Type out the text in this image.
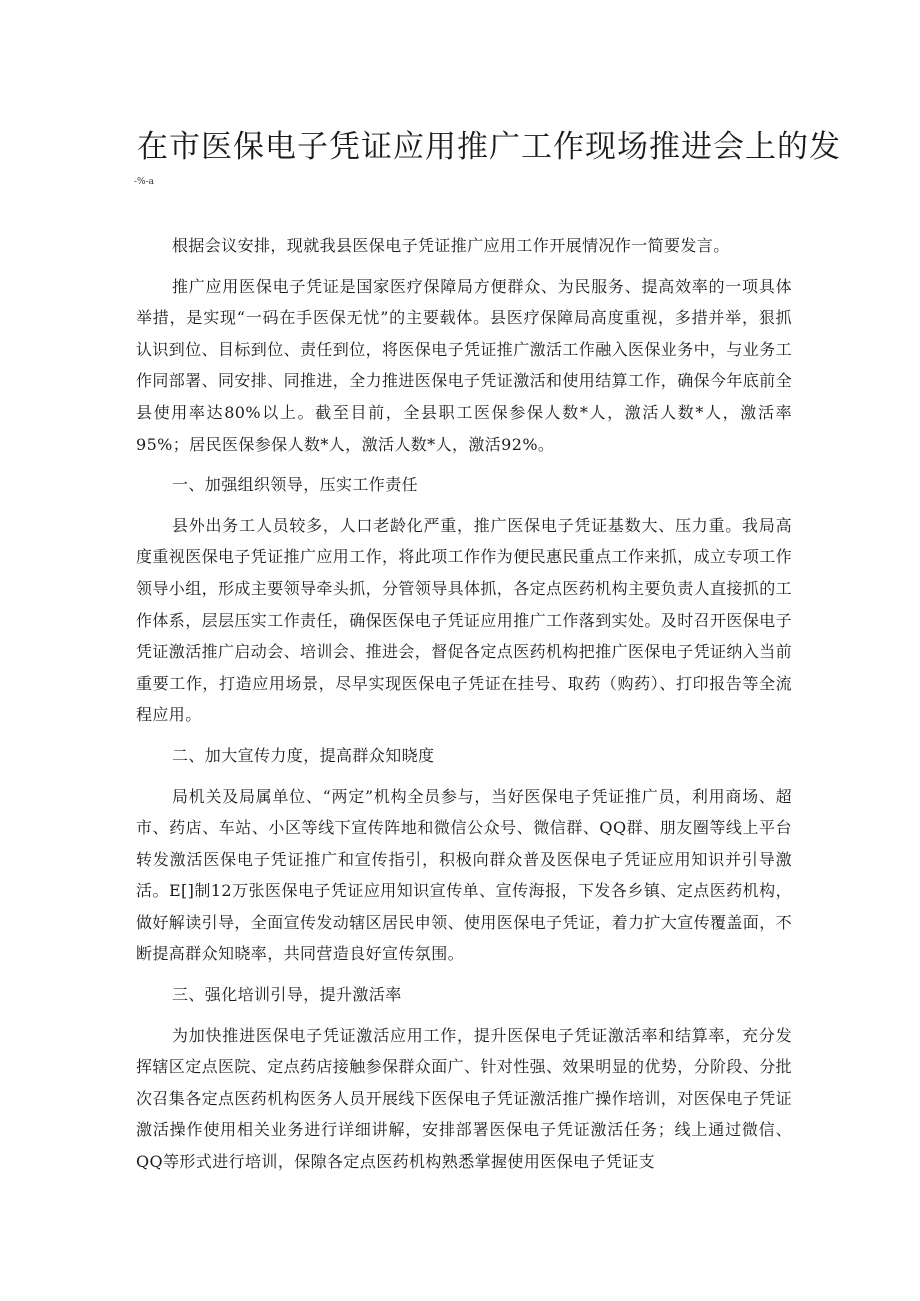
在市医保电子凭证应用推广工作现场推进会上的发

-%-a

根据会议安排，现就我县医保电子凭证推广应用工作开展情况作一简要发言。

推广应用医保电子凭证是国家医疗保障局方便群众、为民服务、提高效率的一项具体举措，是实现“一码在手医保无忧”的主要载体。县医疗保障局高度重视，多措并举，狠抓认识到位、目标到位、责任到位，将医保电子凭证推广激活工作融入医保业务中，与业务工作同部署、同安排、同推进，全力推进医保电子凭证激活和使用结算工作，确保今年底前全县使用率达80%以上。截至目前，全县职工医保参保人数*人，激活人数*人，激活率95%；居民医保参保人数*人，激活人数*人，激活92%。

一、加强组织领导，压实工作责任

县外出务工人员较多，人口老龄化严重，推广医保电子凭证基数大、压力重。我局高度重视医保电子凭证推广应用工作，将此项工作作为便民惠民重点工作来抓，成立专项工作领导小组，形成主要领导牵头抓，分管领导具体抓，各定点医药机构主要负责人直接抓的工作体系，层层压实工作责任，确保医保电子凭证应用推广工作落到实处。及时召开医保电子凭证激活推广启动会、培训会、推进会，督促各定点医药机构把推广医保电子凭证纳入当前重要工作，打造应用场景，尽早实现医保电子凭证在挂号、取药（购药）、打印报告等全流程应用。

二、加大宣传力度，提高群众知晓度

局机关及局属单位、“两定”机构全员参与，当好医保电子凭证推广员，利用商场、超市、药店、车站、小区等线下宣传阵地和微信公众号、微信群、QQ群、朋友圈等线上平台转发激活医保电子凭证推广和宣传指引，积极向群众普及医保电子凭证应用知识并引导激活。E[]制12万张医保电子凭证应用知识宣传单、宣传海报，下发各乡镇、定点医药机构，做好解读引导，全面宣传发动辖区居民申领、使用医保电子凭证，着力扩大宣传覆盖面，不断提高群众知晓率，共同营造良好宣传氛围。

三、强化培训引导，提升激活率

为加快推进医保电子凭证激活应用工作，提升医保电子凭证激活率和结算率，充分发挥辖区定点医院、定点药店接触参保群众面广、针对性强、效果明显的优势，分阶段、分批次召集各定点医药机构医务人员开展线下医保电子凭证激活推广操作培训，对医保电子凭证激活操作使用相关业务进行详细讲解，安排部署医保电子凭证激活任务；线上通过微信、QQ等形式进行培训，保隙各定点医药机构熟悉掌握使用医保电子凭证支
